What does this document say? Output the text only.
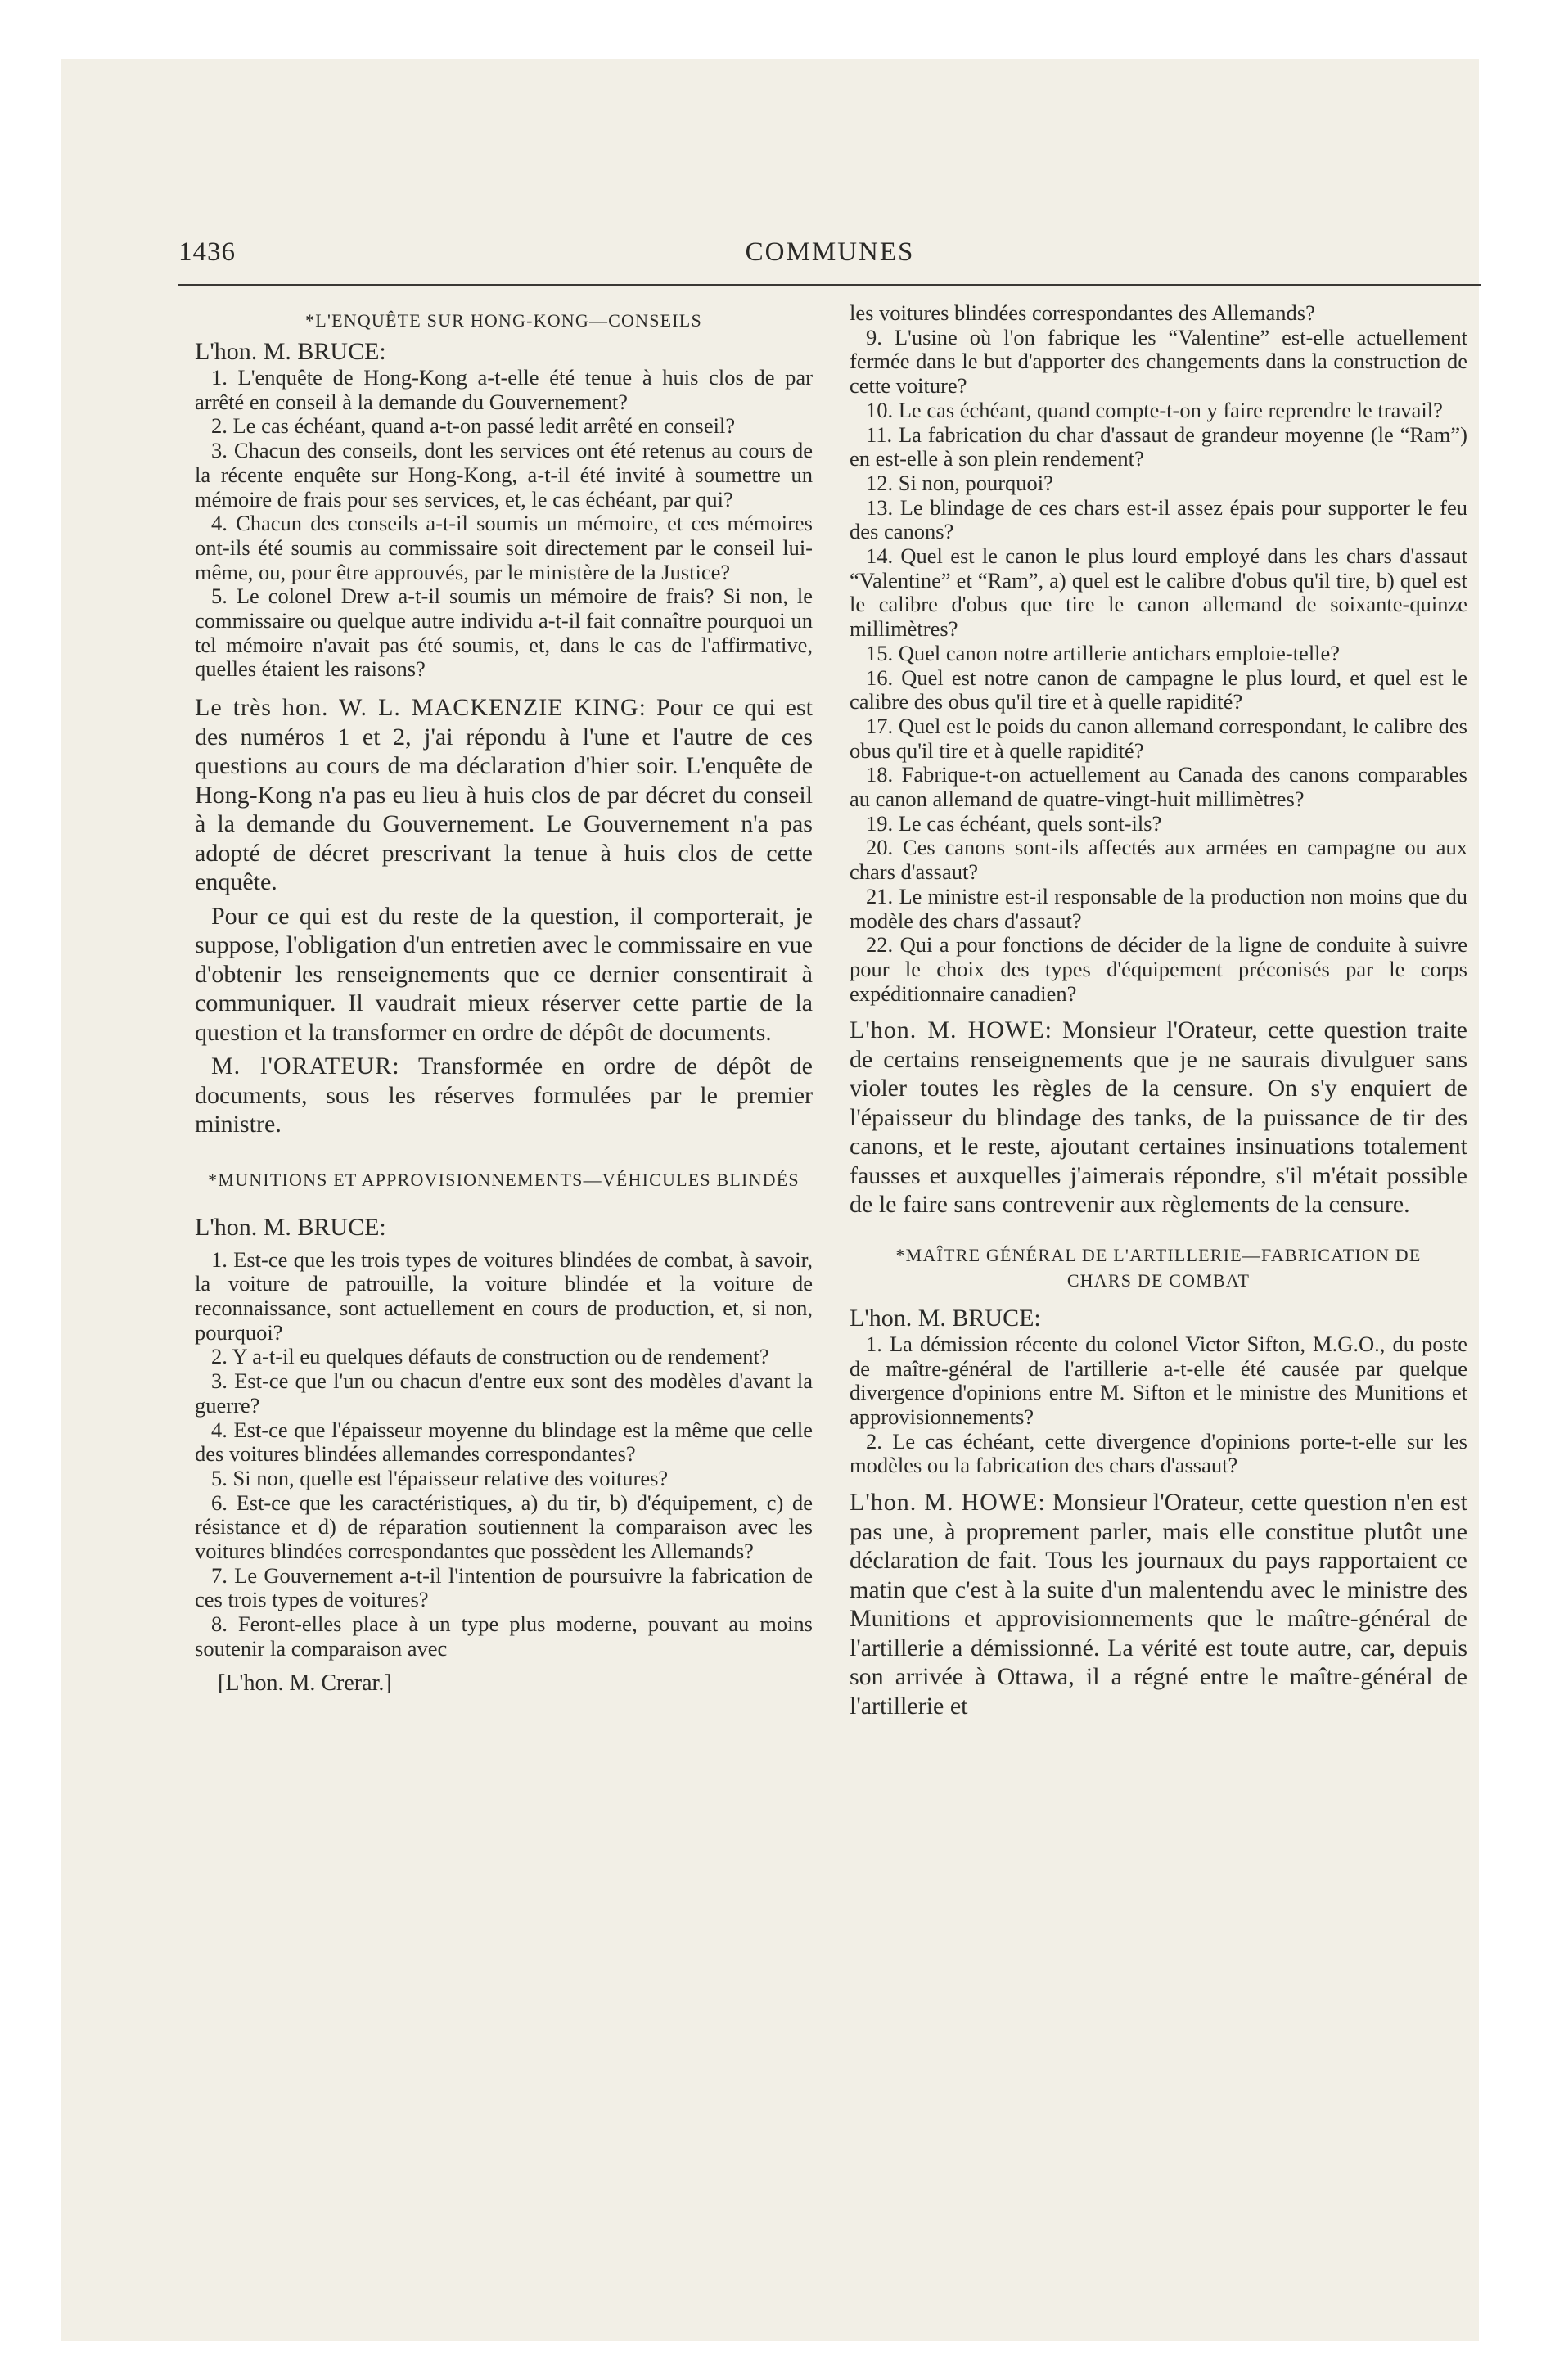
1436	COMMUNES

*L'ENQUÊTE SUR HONG-KONG—CONSEILS

L'hon. M. BRUCE:

1. L'enquête de Hong-Kong a-t-elle été tenue à huis clos de par arrêté en conseil à la demande du Gouvernement?

2. Le cas échéant, quand a-t-on passé ledit arrêté en conseil?

3. Chacun des conseils, dont les services ont été retenus au cours de la récente enquête sur Hong-Kong, a-t-il été invité à soumettre un mémoire de frais pour ses services, et, le cas échéant, par qui?

4. Chacun des conseils a-t-il soumis un mémoire, et ces mémoires ont-ils été soumis au commissaire soit directement par le conseil lui-même, ou, pour être approuvés, par le ministère de la Justice?

5. Le colonel Drew a-t-il soumis un mémoire de frais? Si non, le commissaire ou quelque autre individu a-t-il fait connaître pourquoi un tel mémoire n'avait pas été soumis, et, dans le cas de l'affirmative, quelles étaient les raisons?

Le très hon. W. L. MACKENZIE KING: Pour ce qui est des numéros 1 et 2, j'ai répondu à l'une et l'autre de ces questions au cours de ma déclaration d'hier soir. L'enquête de Hong-Kong n'a pas eu lieu à huis clos de par décret du conseil à la demande du Gouvernement. Le Gouvernement n'a pas adopté de décret prescrivant la tenue à huis clos de cette enquête.

Pour ce qui est du reste de la question, il comporterait, je suppose, l'obligation d'un entretien avec le commissaire en vue d'obtenir les renseignements que ce dernier consentirait à communiquer. Il vaudrait mieux réserver cette partie de la question et la transformer en ordre de dépôt de documents.

M. l'ORATEUR: Transformée en ordre de dépôt de documents, sous les réserves formulées par le premier ministre.

*MUNITIONS ET APPROVISIONNEMENTS—VÉHICULES BLINDÉS

L'hon. M. BRUCE:

1. Est-ce que les trois types de voitures blindées de combat, à savoir, la voiture de patrouille, la voiture blindée et la voiture de reconnaissance, sont actuellement en cours de production, et, si non, pourquoi?

2. Y a-t-il eu quelques défauts de construction ou de rendement?

3. Est-ce que l'un ou chacun d'entre eux sont des modèles d'avant la guerre?

4. Est-ce que l'épaisseur moyenne du blindage est la même que celle des voitures blindées allemandes correspondantes?

5. Si non, quelle est l'épaisseur relative des voitures?

6. Est-ce que les caractéristiques, a) du tir, b) d'équipement, c) de résistance et d) de réparation soutiennent la comparaison avec les voitures blindées correspondantes que possèdent les Allemands?

7. Le Gouvernement a-t-il l'intention de poursuivre la fabrication de ces trois types de voitures?

8. Feront-elles place à un type plus moderne, pouvant au moins soutenir la comparaison avec

[L'hon. M. Crerar.]

les voitures blindées correspondantes des Allemands?

9. L'usine où l'on fabrique les “Valentine” est-elle actuellement fermée dans le but d'apporter des changements dans la construction de cette voiture?

10. Le cas échéant, quand compte-t-on y faire reprendre le travail?

11. La fabrication du char d'assaut de grandeur moyenne (le “Ram”) en est-elle à son plein rendement?

12. Si non, pourquoi?

13. Le blindage de ces chars est-il assez épais pour supporter le feu des canons?

14. Quel est le canon le plus lourd employé dans les chars d'assaut “Valentine” et “Ram”, a) quel est le calibre d'obus qu'il tire, b) quel est le calibre d'obus que tire le canon allemand de soixante-quinze millimètres?

15. Quel canon notre artillerie antichars emploie-telle?

16. Quel est notre canon de campagne le plus lourd, et quel est le calibre des obus qu'il tire et à quelle rapidité?

17. Quel est le poids du canon allemand correspondant, le calibre des obus qu'il tire et à quelle rapidité?

18. Fabrique-t-on actuellement au Canada des canons comparables au canon allemand de quatre-vingt-huit millimètres?

19. Le cas échéant, quels sont-ils?

20. Ces canons sont-ils affectés aux armées en campagne ou aux chars d'assaut?

21. Le ministre est-il responsable de la production non moins que du modèle des chars d'assaut?

22. Qui a pour fonctions de décider de la ligne de conduite à suivre pour le choix des types d'équipement préconisés par le corps expéditionnaire canadien?

L'hon. M. HOWE: Monsieur l'Orateur, cette question traite de certains renseignements que je ne saurais divulguer sans violer toutes les règles de la censure. On s'y enquiert de l'épaisseur du blindage des tanks, de la puissance de tir des canons, et le reste, ajoutant certaines insinuations totalement fausses et auxquelles j'aimerais répondre, s'il m'était possible de le faire sans contrevenir aux règlements de la censure.

*MAÎTRE GÉNÉRAL DE L'ARTILLERIE—FABRICATION DE CHARS DE COMBAT

L'hon. M. BRUCE:

1. La démission récente du colonel Victor Sifton, M.G.O., du poste de maître-général de l'artillerie a-t-elle été causée par quelque divergence d'opinions entre M. Sifton et le ministre des Munitions et approvisionnements?

2. Le cas échéant, cette divergence d'opinions porte-t-elle sur les modèles ou la fabrication des chars d'assaut?

L'hon. M. HOWE: Monsieur l'Orateur, cette question n'en est pas une, à proprement parler, mais elle constitue plutôt une déclaration de fait. Tous les journaux du pays rapportaient ce matin que c'est à la suite d'un malentendu avec le ministre des Munitions et approvisionnements que le maître-général de l'artillerie a démissionné. La vérité est toute autre, car, depuis son arrivée à Ottawa, il a régné entre le maître-général de l'artillerie et
